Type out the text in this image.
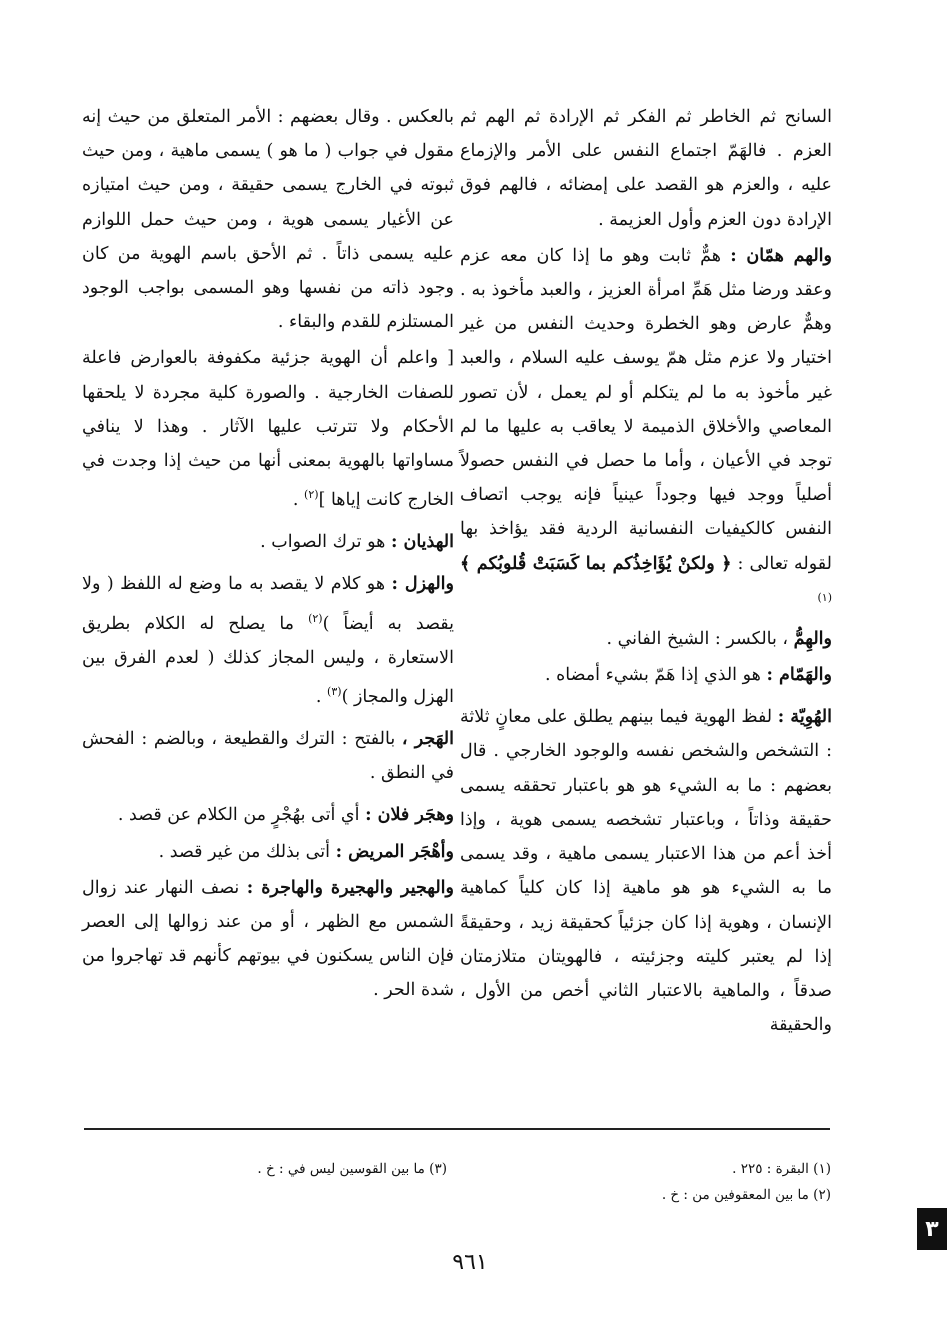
السانح ثم الخاطر ثم الفكر ثم الإرادة ثم الهم ثم العزم . فالهَمّ اجتماع النفس على الأمر والإزماع عليه ، والعزم هو القصد على إمضائه ، فالهم فوق الإرادة دون العزم وأول العزيمة .

والهم همّان : همٌّ ثابت وهو ما إذا كان معه عزم وعقد ورضا مثل هَمِّ امرأة العزيز ، والعبد مأخوذ به . وهمٌّ عارض وهو الخطرة وحديث النفس من غير اختيار ولا عزم مثل همّ يوسف عليه السلام ، والعبد غير مأخوذ به ما لم يتكلم أو لم يعمل ، لأن تصور المعاصي والأخلاق الذميمة لا يعاقب به عليها ما لم توجد في الأعيان ، وأما ما حصل في النفس حصولاً أصلياً ووجد فيها وجوداً عينياً فإنه يوجب اتصاف النفس كالكيفيات النفسانية الردية فقد يؤاخذ بها لقوله تعالى : ﴿ ولكنْ يُؤَاخِذُكم بما كَسَبَتْ قُلوبُكم ﴾$^{(١)}$

والهِمُّ ، بالكسر : الشيخ الفاني .

والهَمّام : هو الذي إذا هَمّ بشيء أمضاه .

الهُوِيّة : لفظ الهوية فيما بينهم يطلق على معانٍ ثلاثة : التشخص والشخص نفسه والوجود الخارجي . قال بعضهم : ما به الشيء هو هو باعتبار تحققه يسمى حقيقة وذاتاً ، وباعتبار تشخصه يسمى هوية ، وإذا أخذ أعم من هذا الاعتبار يسمى ماهية ، وقد يسمى ما به الشيء هو هو ماهية إذا كان كلياً كماهية الإنسان ، وهوية إذا كان جزئياً كحقيقة زيد ، وحقيقةً إذا لم يعتبر كليته وجزئيته ، فالهويتان متلازمتان صدقاً ، والماهية بالاعتبار الثاني أخص من الأول ، والحقيقة

بالعكس . وقال بعضهم : الأمر المتعلق من حيث إنه مقول في جواب ( ما هو ) يسمى ماهية ، ومن حيث ثبوته في الخارج يسمى حقيقة ، ومن حيث امتيازه عن الأغيار يسمى هوية ، ومن حيث حمل اللوازم عليه يسمى ذاتاً . ثم الأحق باسم الهوية من كان وجود ذاته من نفسها وهو المسمى بواجب الوجود المستلزم للقدم والبقاء .

[ واعلم أن الهوية جزئية مكفوفة بالعوارض فاعلة للصفات الخارجية . والصورة كلية مجردة لا يلحقها الأحكام ولا تترتب عليها الآثار . وهذا لا ينافي مساواتها بالهوية بمعنى أنها من حيث إذا وجدت في الخارج كانت إياها ]$^{(٢)}$ .

الهذيان : هو ترك الصواب .

والهزل : هو كلام لا يقصد به ما وضع له اللفظ ( ولا يقصد به أيضاً )$^{(٢)}$ ما يصلح له الكلام بطريق الاستعارة ، وليس المجاز كذلك ( لعدم الفرق بين الهزل والمجاز )$^{(٣)}$ .

الهَجر ، بالفتح : الترك والقطيعة ، وبالضم : الفحش في النطق .

وهجَر فلان : أي أتى بهُجْرٍ من الكلام عن قصد .

وأهْجَر المريض : أتى بذلك من غير قصد .

والهجير والهجيرة والهاجرة : نصف النهار عند زوال الشمس مع الظهر ، أو من عند زوالها إلى العصر فإن الناس يسكنون في بيوتهم كأنهم قد تهاجروا من شدة الحر .

(١) البقرة : ٢٢٥ .
(٢) ما بين المعقوفين من : خ .
(٣) ما بين القوسين ليس في : خ .
٩٦١
٣
